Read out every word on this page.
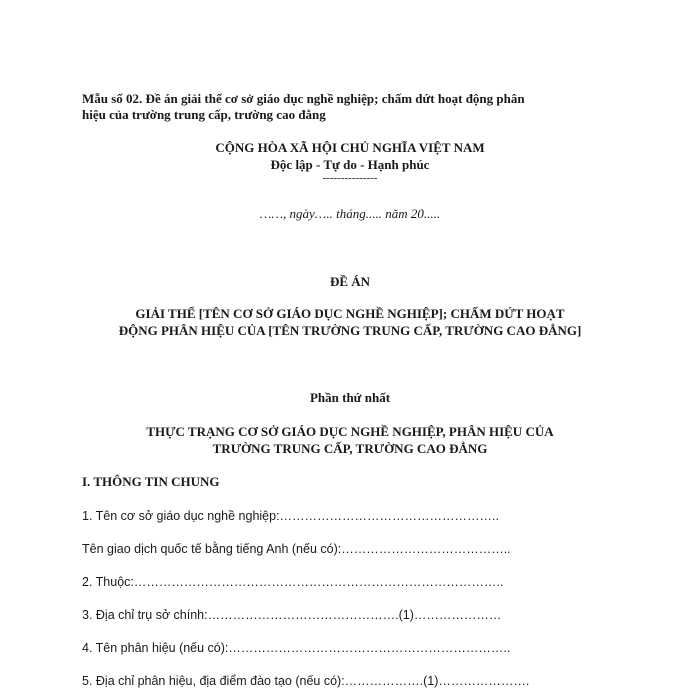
Mẫu số 02. Đề án giải thể cơ sở giáo dục nghề nghiệp; chấm dứt hoạt động phân
hiệu của trường trung cấp, trường cao đẳng
CỘNG HÒA XÃ HỘI CHỦ NGHĨA VIỆT NAM
Độc lập - Tự do - Hạnh phúc
---------------
……, ngày….. tháng..... năm 20.....
ĐỀ ÁN
GIẢI THỂ [TÊN CƠ SỞ GIÁO DỤC NGHỀ NGHIỆP]; CHẤM DỨT HOẠT
ĐỘNG PHÂN HIỆU CỦA [TÊN TRƯỜNG TRUNG CẤP, TRƯỜNG CAO ĐẲNG]
Phần thứ nhất
THỰC TRẠNG CƠ SỞ GIÁO DỤC NGHỀ NGHIỆP, PHÂN HIỆU CỦA
TRƯỜNG TRUNG CẤP, TRƯỜNG CAO ĐẲNG
I. THÔNG TIN CHUNG
1. Tên cơ sở giáo dục nghề nghiệp:……………………………………………..
Tên giao dịch quốc tế bằng tiếng Anh (nếu có):…………………………………..
2. Thuộc:……………………………………………………………………………..
3. Địa chỉ trụ sở chính:……………………………………….(1)…………………
4. Tên phân hiệu (nếu có):…………………………………………………………..
5. Địa chỉ phân hiệu, địa điểm đào tạo (nếu có):……………….(1)………………….
